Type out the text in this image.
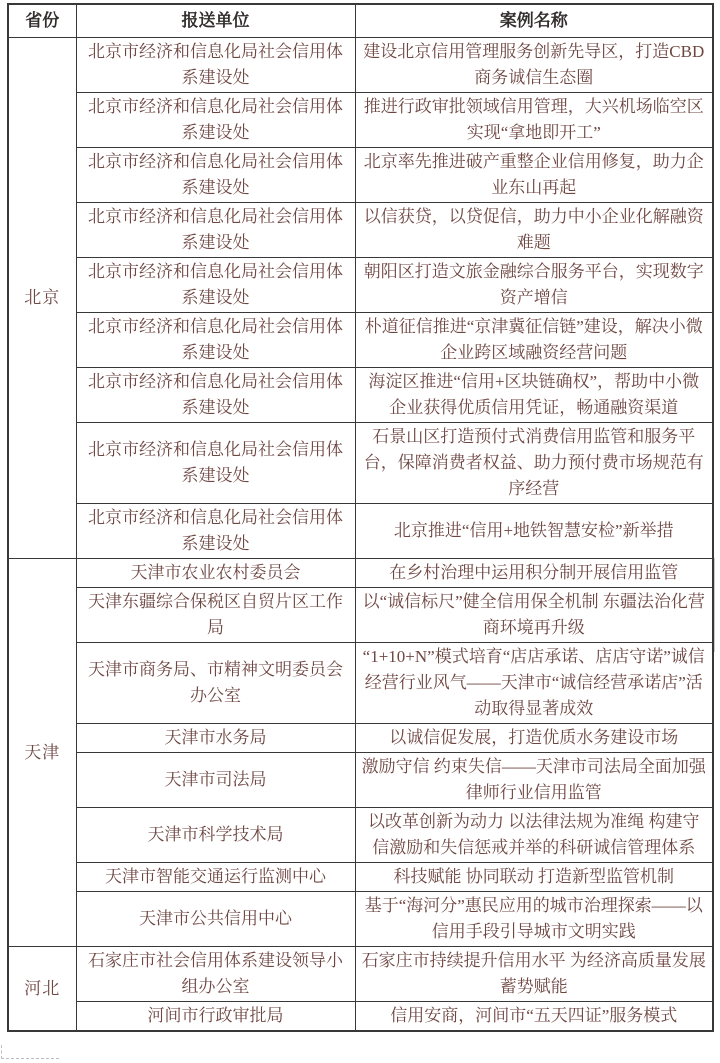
省份	报送单位	案例名称
北京	北京市经济和信息化局社会信用体系建设处	建设北京信用管理服务创新先导区，打造CBD商务诚信生态圈
	北京市经济和信息化局社会信用体系建设处	推进行政审批领域信用管理，大兴机场临空区实现“拿地即开工”
	北京市经济和信息化局社会信用体系建设处	北京率先推进破产重整企业信用修复，助力企业东山再起
	北京市经济和信息化局社会信用体系建设处	以信获贷，以贷促信，助力中小企业化解融资难题
	北京市经济和信息化局社会信用体系建设处	朝阳区打造文旅金融综合服务平台，实现数字资产增信
	北京市经济和信息化局社会信用体系建设处	朴道征信推进“京津冀征信链”建设，解决小微企业跨区域融资经营问题
	北京市经济和信息化局社会信用体系建设处	海淀区推进“信用+区块链确权”，帮助中小微企业获得优质信用凭证，畅通融资渠道
	北京市经济和信息化局社会信用体系建设处	石景山区打造预付式消费信用监管和服务平台，保障消费者权益、助力预付费市场规范有序经营
	北京市经济和信息化局社会信用体系建设处	北京推进“信用+地铁智慧安检”新举措
天津	天津市农业农村委员会	在乡村治理中运用积分制开展信用监管
	天津东疆综合保税区自贸片区工作局	以“诚信标尺”健全信用保全机制 东疆法治化营商环境再升级
	天津市商务局、市精神文明委员会办公室	“1+10+N”模式培育“店店承诺、店店守诺”诚信经营行业风气——天津市“诚信经营承诺店”活动取得显著成效
	天津市水务局	以诚信促发展，打造优质水务建设市场
	天津市司法局	激励守信 约束失信——天津市司法局全面加强律师行业信用监管
	天津市科学技术局	以改革创新为动力 以法律法规为准绳 构建守信激励和失信惩戒并举的科研诚信管理体系
	天津市智能交通运行监测中心	科技赋能 协同联动 打造新型监管机制
	天津市公共信用中心	基于“海河分”惠民应用的城市治理探索——以信用手段引导城市文明实践
河北	石家庄市社会信用体系建设领导小组办公室	石家庄市持续提升信用水平 为经济高质量发展蓄势赋能
	河间市行政审批局	信用安商，河间市“五天四证”服务模式
